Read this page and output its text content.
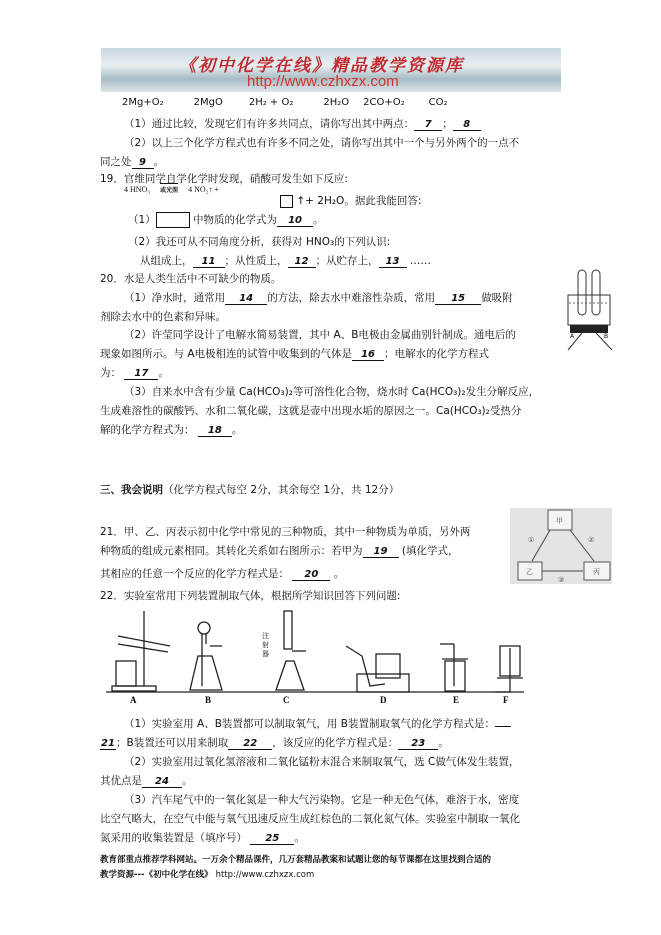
《初中化学在线》精品教学资源库
http://www.czhxzx.com
2Mg+O₂	2MgO	2H₂ + O₂	2H₂O 2CO+O₂ CO₂
（1）通过比较，发现它们有许多共同点，请你写出其中两点： 7 ； 8
（2）以上三个化学方程式也有许多不同之处，请你写出其中一个与另外两个的一点不
同之处 9 。
19．官维同学自学化学时发现，硝酸可发生如下反应:
4 HNO₃ 或光照 4 NO₂↑ +
↑+ 2H₂O。据此我能回答:
（1）	中物质的化学式为 10 。
（2）我还可从不同角度分析，获得对 HNO₃的下列认识:
从组成上， 11 ；从性质上， 12 ；从贮存上， 13 ……
20．水是人类生活中不可缺少的物质。
（1）净水时，通常用 14 的方法，除去水中难溶性杂质，常用 15 做吸附
剂除去水中的色素和异味。
（2）许莹同学设计了电解水简易装置，其中 A、B电极由金属曲别针制成。通电后的
现象如图所示。与 A电极相连的试管中收集到的气体是 16 ；电解水的化学方程式
为： 17 。
（3）自来水中含有少量 Ca(HCO₃)₂等可溶性化合物，烧水时 Ca(HCO₃)₂发生分解反应，
生成难溶性的碳酸钙、水和二氧化碳，这就是壶中出现水垢的原因之一。Ca(HCO₃)₂受热分
解的化学方程式为： 18 。
A	B
三、我会说明（化学方程式每空 2分，其余每空 1分，共 12分）
21．甲、乙、丙表示初中化学中常见的三种物质，其中一种物质为单质，另外两
种物质的组成元素相同。其转化关系如右图所示：若甲为 19 (填化学式，
其相应的任意一个反应的化学方程式是： 20 。
甲
乙	丙
①	②
③
22．实验室常用下列装置制取气体，根据所学知识回答下列问题:
A	B	C	D	E	F
注射器
（1）实验室用 A、B装置都可以制取氧气，用 B装置制取氧气的化学方程式是：
21；B装置还可以用来制取 22 ，该反应的化学方程式是： 23 。
（2）实验室用过氧化氢溶液和二氧化锰粉末混合来制取氧气，选 C做气体发生装置，
其优点是 24 。
（3）汽车尾气中的一氧化氮是一种大气污染物。它是一种无色气体，难溶于水，密度
比空气略大，在空气中能与氧气迅速反应生成红棕色的二氧化氮气体。实验室中制取一氧化
氮采用的收集装置是（填序号） 25 。
教育部重点推荐学科网站。一万余个精品课件，几万套精品教案和试题让您的每节课都在这里找到合适的
教学资源---《初中化学在线》 http://www.czhxzx.com
